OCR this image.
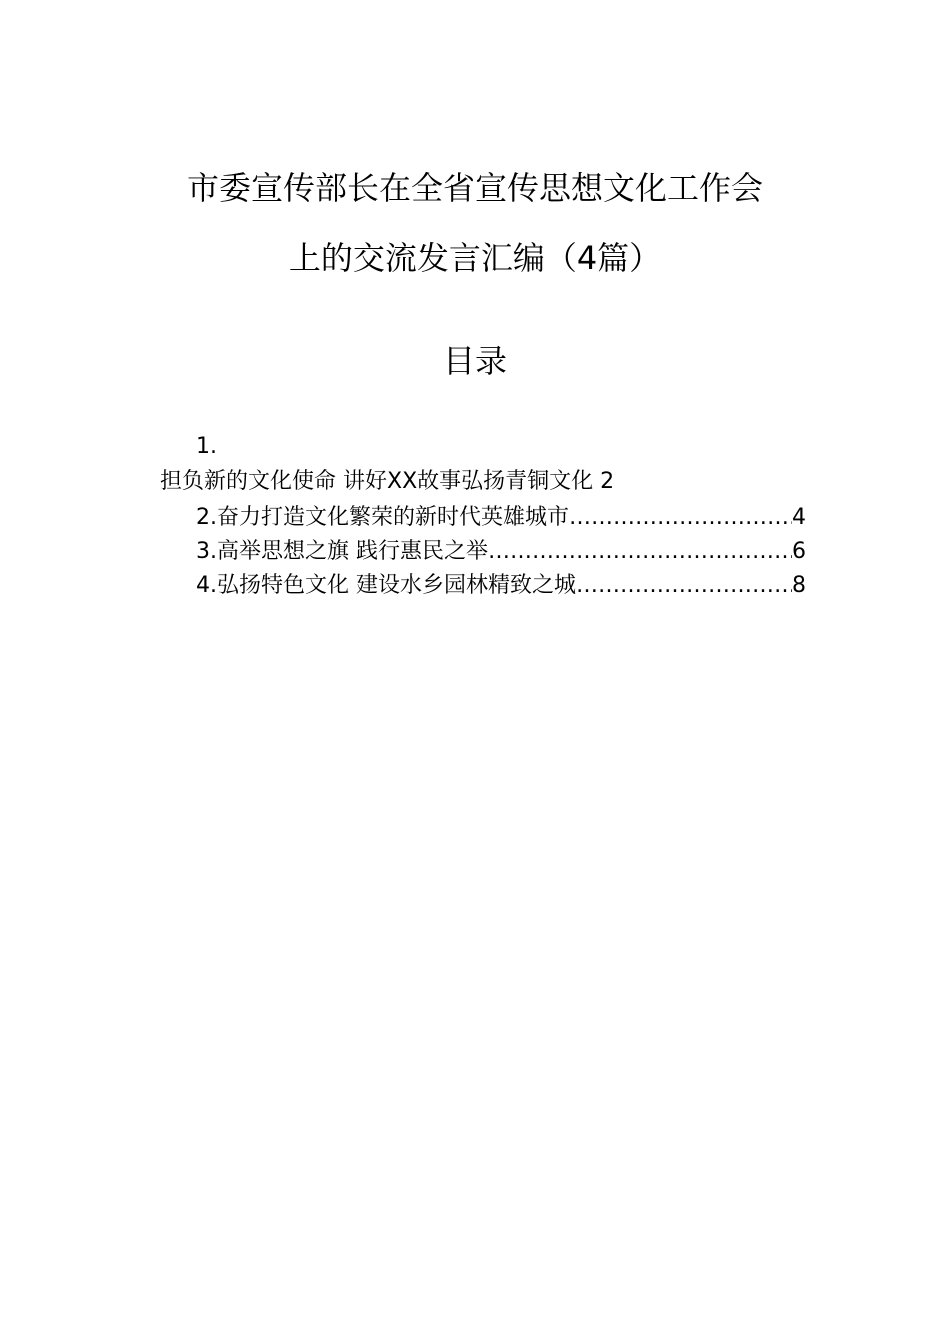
市委宣传部长在全省宣传思想文化工作会
上的交流发言汇编（4篇）
目录
1.
担负新的文化使命 讲好XX故事弘扬青铜文化 2
2.奋力打造文化繁荣的新时代英雄城市 ………………………………………………………………………………………………	4
3.高举思想之旗 践行惠民之举 ………………………………………………………………………………………………	6
4.弘扬特色文化 建设水乡园林精致之城 ………………………………………………………………………………………………	8
